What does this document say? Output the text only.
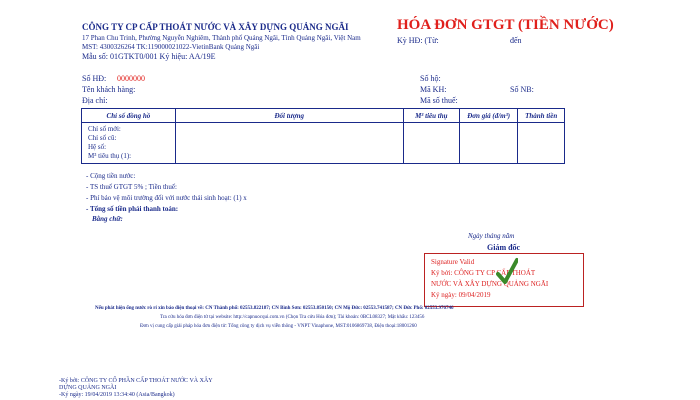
CÔNG TY CP CẤP THOÁT NƯỚC VÀ XÂY DỰNG QUẢNG NGÃI
17 Phan Chu Trinh, Phường Nguyễn Nghiêm, Thành phố Quảng Ngãi, Tỉnh Quảng Ngãi, Việt Nam
MST: 4300326264 TK:119000021022-VietinBank Quảng Ngãi
Mẫu số: 01GTKT0/001 Ký hiệu: AA/19E
HÓA ĐƠN GTGT (TIỀN NƯỚC)
Kỳ HĐ: (Từ:	đến
Số HĐ: 0000000
Tên khách hàng:
Địa chỉ:
Số hộ:
Mã KH:	Số NB:
Mã số thuế:
Chỉ số đồng hồ	Đối tượng	M³ tiêu thụ	Đơn giá (đ/m³)	Thành tiền

Chỉ số mới:
Chỉ số cũ:
Hệ số:
M³ tiêu thụ (1):				

- Cộng tiền nước:
- TS thuế GTGT 5% ; Tiền thuế:
- Phí bảo vệ môi trường đối với nước thải sinh hoạt: (1) x
- Tổng số tiền phải thanh toán:
Bằng chữ:
Ngày tháng năm
Giám đốc
Signature Valid
Ký bởi: CÔNG TY CP CẤP THOÁT
NƯỚC VÀ XÂY DỰNG QUẢNG NGÃI
Ký ngày: 09/04/2019
Nếu phát hiện ống nước rò rỉ xin báo điện thoại về: CN Thành phố: 02553.822187; CN Bình Sơn: 02553.850150; CN Mộ Đức: 02553.741587; CN Đức Phổ: 02553.976746
Tra cứu hóa đơn điện tử tại website: http://capnuocqui.com.vn (Chọn Tra cứu Hóa đơn); Tài khoản: 0BCL08327; Mật khẩu: 123456
Đơn vị cung cấp giải pháp hóa đơn điện tử: Tổng công ty dịch vụ viễn thông - VNPT Vinaphone, MST:0106869738, Điện thoại:18001260
-Ký bởi: CÔNG TY CỔ PHẦN CẤP THOÁT NƯỚC VÀ XÂY
DỰNG QUẢNG NGÃI
-Ký ngày: 19/04/2019 13:34:40 (Asia/Bangkok)
